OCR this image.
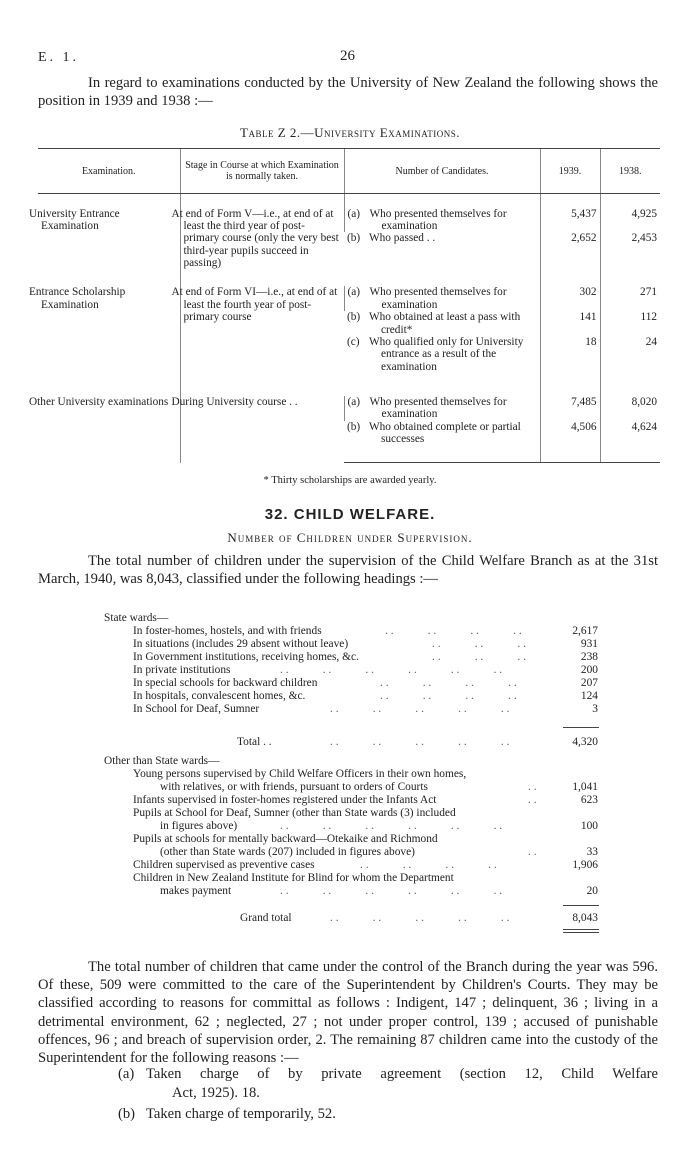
E. 1.	26

In regard to examinations conducted by the University of New Zealand the following shows the position in 1939 and 1938 :—

Table Z 2.—University Examinations.
Examination.	Stage in Course at which Examination is normally taken.	Number of Candidates.	1939.	1938.

University Entrance Examination	At end of Form V—i.e., at end of at least the third year of post-primary course (only the very best third-year pupils succeed in passing)	(a) Who presented themselves for examination	5,437	4,925

		(b) Who passed . .	2,652	2,453
Entrance Scholarship Examination	At end of Form VI—i.e., at end of at least the fourth year of post-primary course	(a) Who presented themselves for examination	302	271

		(b) Who obtained at least a pass with credit*	141	112

		(c) Who qualified only for University entrance as a result of the examination	18	24
Other University examinations	During University course . .	(a) Who presented themselves for examination	7,485	8,020

		(b) Who obtained complete or partial successes	4,506	4,624
* Thirty scholarships are awarded yearly.
32. CHILD WELFARE.
Number of Children under Supervision.

The total number of children under the supervision of the Child Welfare Branch as at the 31st March, 1940, was 8,043, classified under the following headings :—

State wards—
In foster-homes, hostels, and with friends	. .            . .            . .            . .	2,617
In situations (includes 29 absent without leave)	. .            . .            . .	931
In Government institutions, receiving homes, &c.	. .            . .            . .	238
In private institutions	. .            . .            . .            . .            . .            . .	200
In special schools for backward children	. .            . .            . .            . .	207
In hospitals, convalescent homes, &c.	. .            . .            . .            . .	124
In School for Deaf, Sumner	. .            . .            . .            . .            . .	3
Total . .	. .            . .            . .            . .            . .	4,320
Other than State wards—
Young persons supervised by Child Welfare Officers in their own homes,
with relatives, or with friends, pursuant to orders of Courts	. .	1,041
Infants supervised in foster-homes registered under the Infants Act	. .	623
Pupils at School for Deaf, Sumner (other than State wards (3) included
in figures above)	. .            . .            . .            . .            . .            . .	100
Pupils at schools for mentally backward—Otekaike and Richmond
(other than State wards (207) included in figures above)	. .	33
Children supervised as preventive cases	. .            . .            . .            . .	1,906
Children in New Zealand Institute for Blind for whom the Department
makes payment	. .            . .            . .            . .            . .            . .	20
Grand total	. .            . .            . .            . .            . .	8,043

The total number of children that came under the control of the Branch during the year was 596. Of these, 509 were committed to the care of the Superintendent by Children's Courts. They may be classified according to reasons for committal as follows : Indigent, 147 ; delinquent, 36 ; living in a detrimental environment, 62 ; neglected, 27 ; not under proper control, 139 ; accused of punishable offences, 96 ; and breach of supervision order, 2. The remaining 87 children came into the custody of the Superintendent for the following reasons :—

(a) Taken charge of by private agreement (section 12, Child Welfare
Act, 1925). 18.
(b) Taken charge of temporarily, 52.
